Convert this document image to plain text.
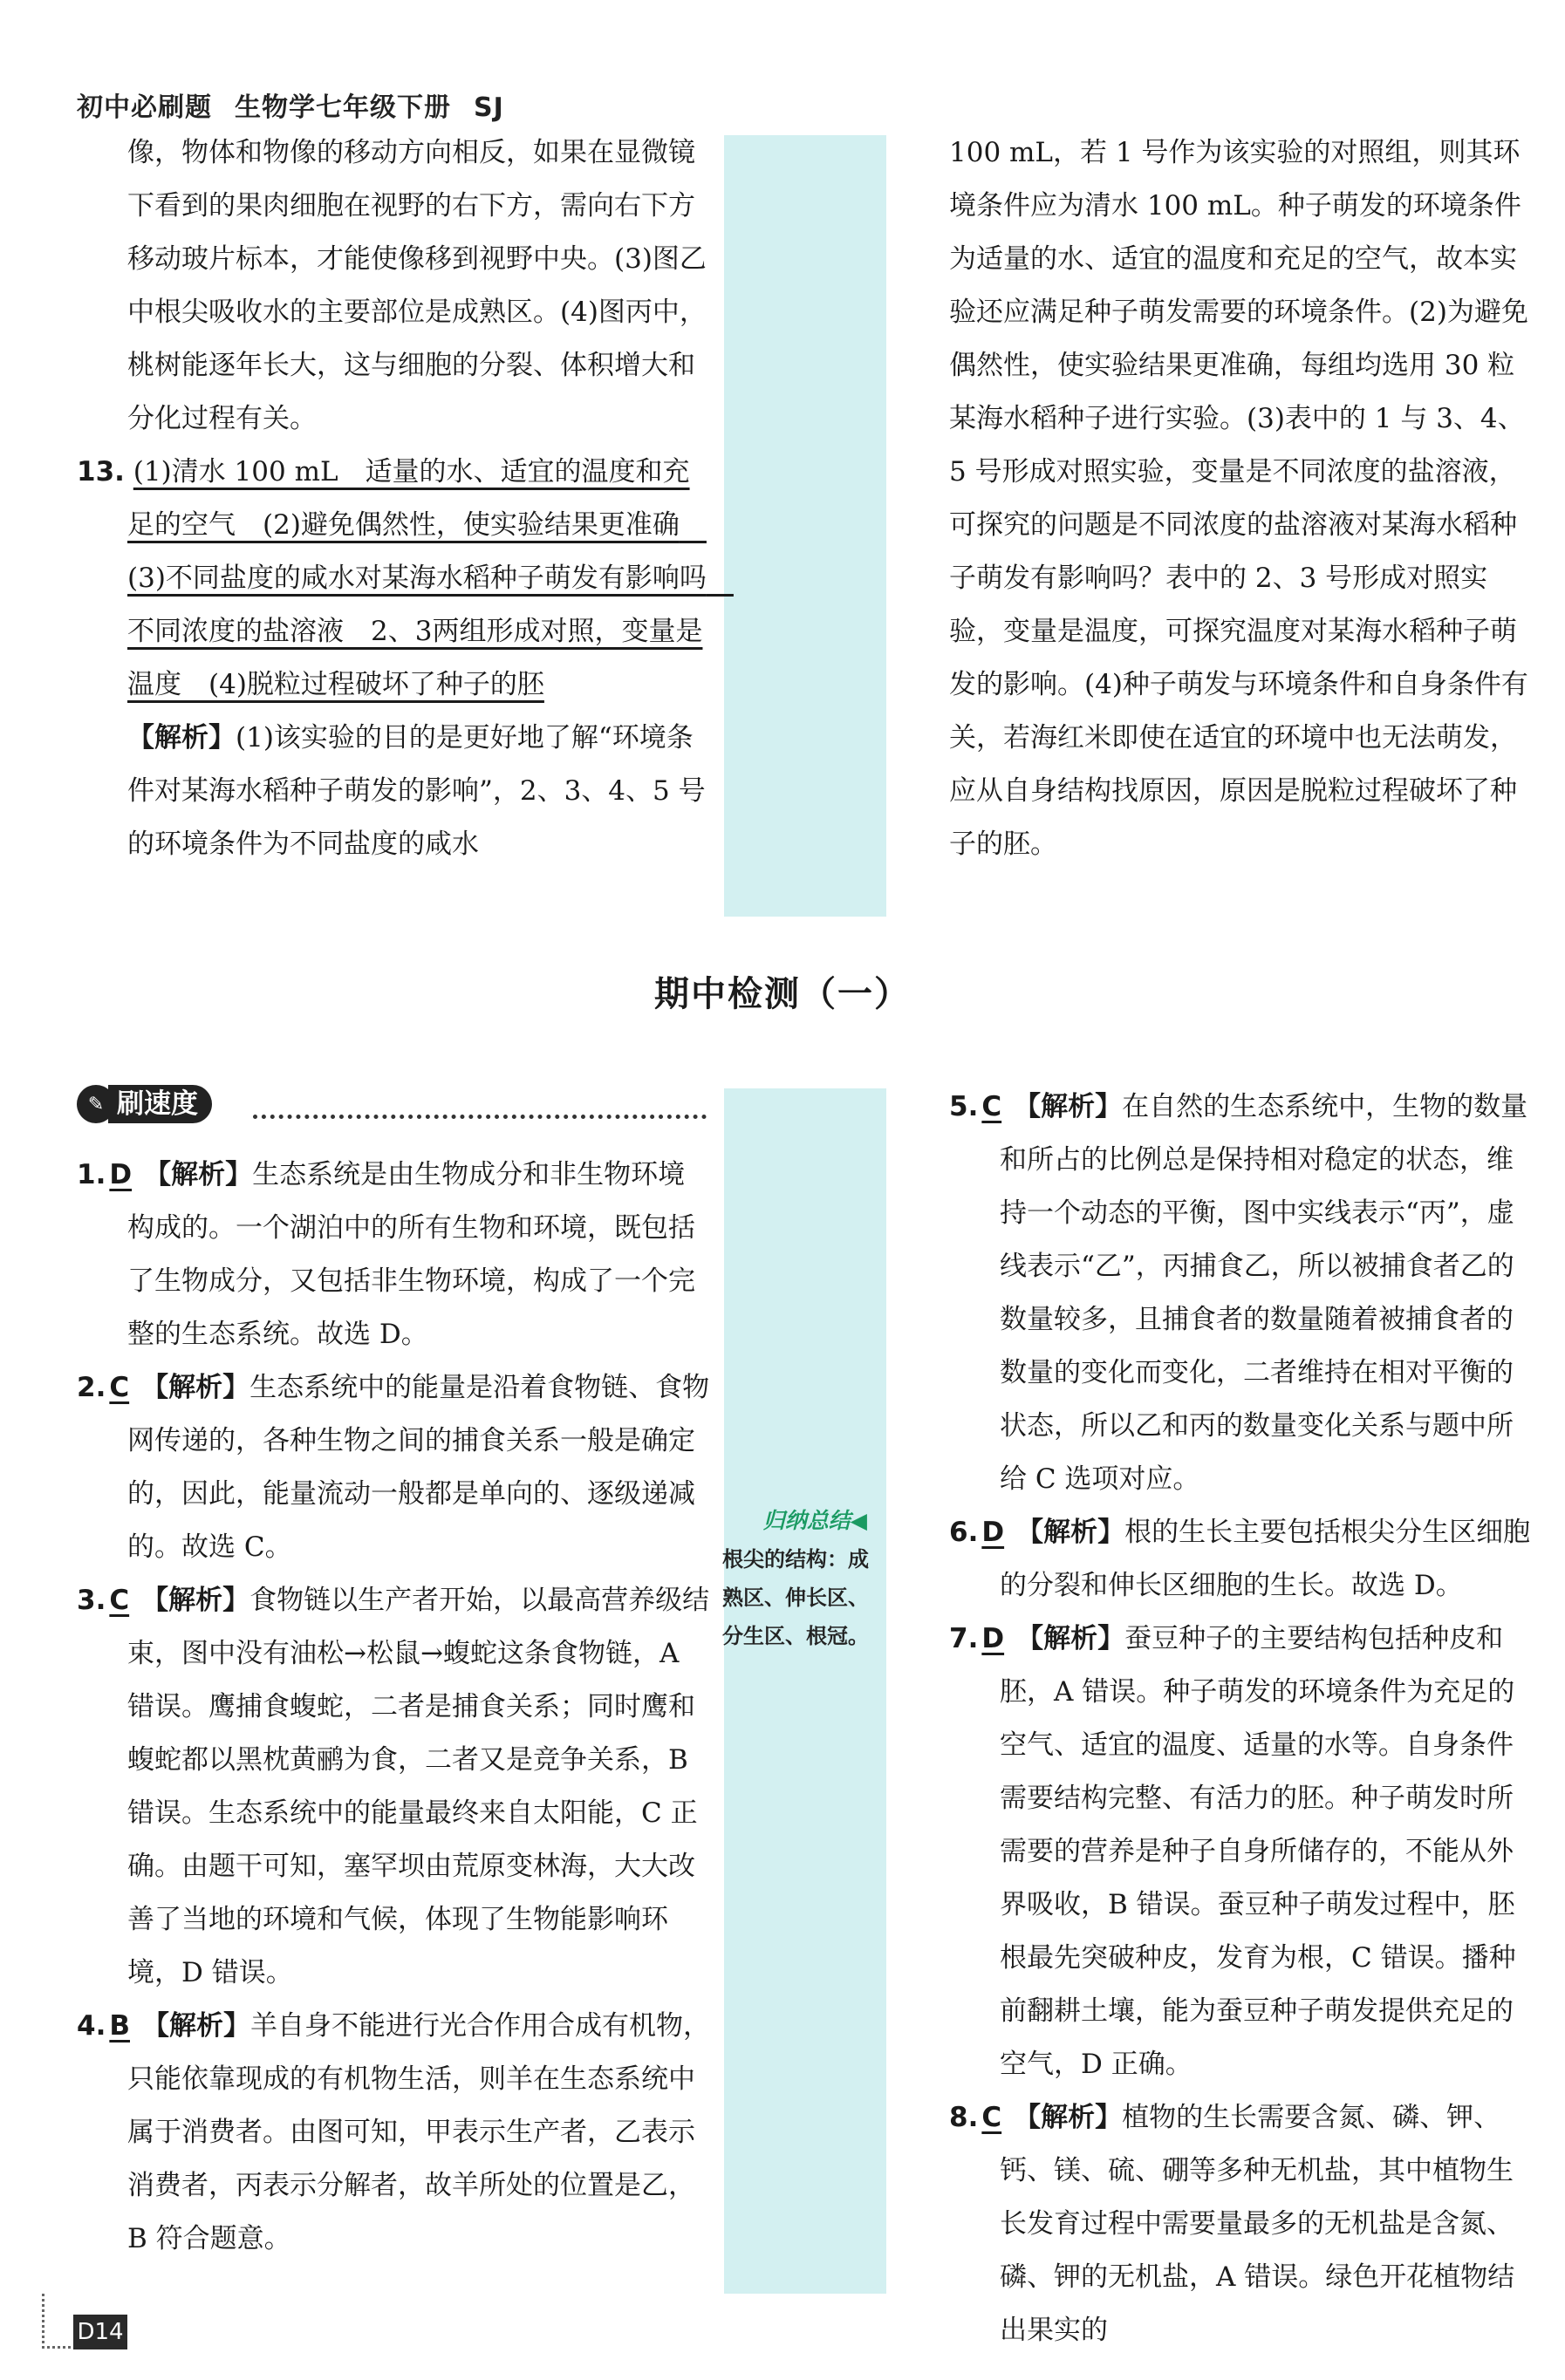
初中必刷题 生物学七年级下册 SJ

像，物体和物像的移动方向相反，如果在显微镜下看到的果肉细胞在视野的右下方，需向右下方移动玻片标本，才能使像移到视野中央。(3)图乙中根尖吸收水的主要部位是成熟区。(4)图丙中，桃树能逐年长大，这与细胞的分裂、体积增大和分化过程有关。

13. (1)清水 100 mL　适量的水、适宜的温度和充足的空气　(2)避免偶然性，使实验结果更准确　(3)不同盐度的咸水对某海水稻种子萌发有影响吗　不同浓度的盐溶液　2、3两组形成对照，变量是温度　(4)脱粒过程破坏了种子的胚

【解析】(1)该实验的目的是更好地了解“环境条件对某海水稻种子萌发的影响”，2、3、4、5 号的环境条件为不同盐度的咸水

100 mL，若 1 号作为该实验的对照组，则其环境条件应为清水 100 mL。种子萌发的环境条件为适量的水、适宜的温度和充足的空气，故本实验还应满足种子萌发需要的环境条件。(2)为避免偶然性，使实验结果更准确，每组均选用 30 粒某海水稻种子进行实验。(3)表中的 1 与 3、4、5 号形成对照实验，变量是不同浓度的盐溶液，可探究的问题是不同浓度的盐溶液对某海水稻种子萌发有影响吗？表中的 2、3 号形成对照实验，变量是温度，可探究温度对某海水稻种子萌发的影响。(4)种子萌发与环境条件和自身条件有关，若海红米即使在适宜的环境中也无法萌发，应从自身结构找原因，原因是脱粒过程破坏了种子的胚。

期中检测（一）
✎ 刷速度

1. D 【解析】生态系统是由生物成分和非生物环境构成的。一个湖泊中的所有生物和环境，既包括了生物成分，又包括非生物环境，构成了一个完整的生态系统。故选 D。

2. C 【解析】生态系统中的能量是沿着食物链、食物网传递的，各种生物之间的捕食关系一般是确定的，因此，能量流动一般都是单向的、逐级递减的。故选 C。

3. C 【解析】食物链以生产者开始，以最高营养级结束，图中没有油松→松鼠→蝮蛇这条食物链，A 错误。鹰捕食蝮蛇，二者是捕食关系；同时鹰和蝮蛇都以黑枕黄鹂为食，二者又是竞争关系，B 错误。生态系统中的能量最终来自太阳能，C 正确。由题干可知，塞罕坝由荒原变林海，大大改善了当地的环境和气候，体现了生物能影响环境，D 错误。

4. B 【解析】羊自身不能进行光合作用合成有机物，只能依靠现成的有机物生活，则羊在生态系统中属于消费者。由图可知，甲表示生产者，乙表示消费者，丙表示分解者，故羊所处的位置是乙，B 符合题意。

5. C 【解析】在自然的生态系统中，生物的数量和所占的比例总是保持相对稳定的状态，维持一个动态的平衡，图中实线表示“丙”，虚线表示“乙”，丙捕食乙，所以被捕食者乙的数量较多，且捕食者的数量随着被捕食者的数量的变化而变化，二者维持在相对平衡的状态，所以乙和丙的数量变化关系与题中所给 C 选项对应。

6. D 【解析】根的生长主要包括根尖分生区细胞的分裂和伸长区细胞的生长。故选 D。

7. D 【解析】蚕豆种子的主要结构包括种皮和胚，A 错误。种子萌发的环境条件为充足的空气、适宜的温度、适量的水等。自身条件需要结构完整、有活力的胚。种子萌发时所需要的营养是种子自身所储存的，不能从外界吸收，B 错误。蚕豆种子萌发过程中，胚根最先突破种皮，发育为根，C 错误。播种前翻耕土壤，能为蚕豆种子萌发提供充足的空气，D 正确。

8. C 【解析】植物的生长需要含氮、磷、钾、钙、镁、硫、硼等多种无机盐，其中植物生长发育过程中需要量最多的无机盐是含氮、磷、钾的无机盐，A 错误。绿色开花植物结出果实的

归纳总结◀
根尖的结构：成熟区、伸长区、分生区、根冠。
D14
